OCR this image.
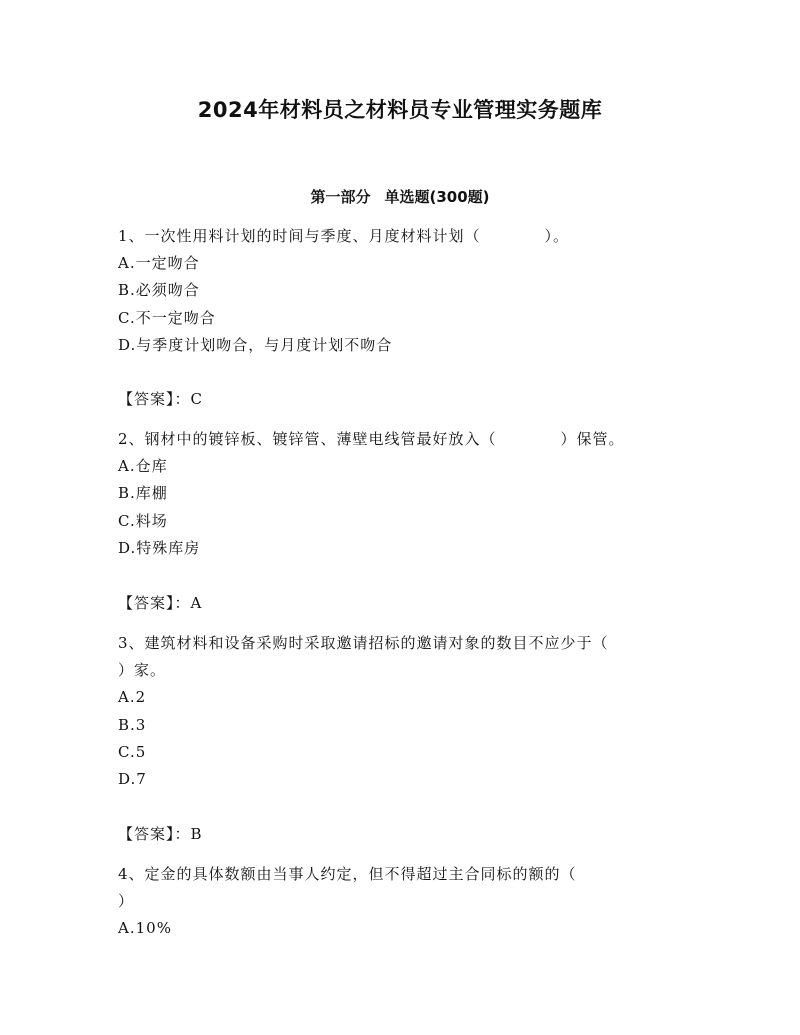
2024年材料员之材料员专业管理实务题库
第一部分 单选题(300题)
1、一次性用料计划的时间与季度、月度材料计划（　　　　）。
A.一定吻合
B.必须吻合
C.不一定吻合
D.与季度计划吻合，与月度计划不吻合
【答案】：C
2、钢材中的镀锌板、镀锌管、薄壁电线管最好放入（　　　　）保管。
A.仓库
B.库棚
C.料场
D.特殊库房
【答案】：A
3、建筑材料和设备采购时采取邀请招标的邀请对象的数目不应少于（
）家。
A.2
B.3
C.5
D.7
【答案】：B
4、定金的具体数额由当事人约定，但不得超过主合同标的额的（
）
A.10%
